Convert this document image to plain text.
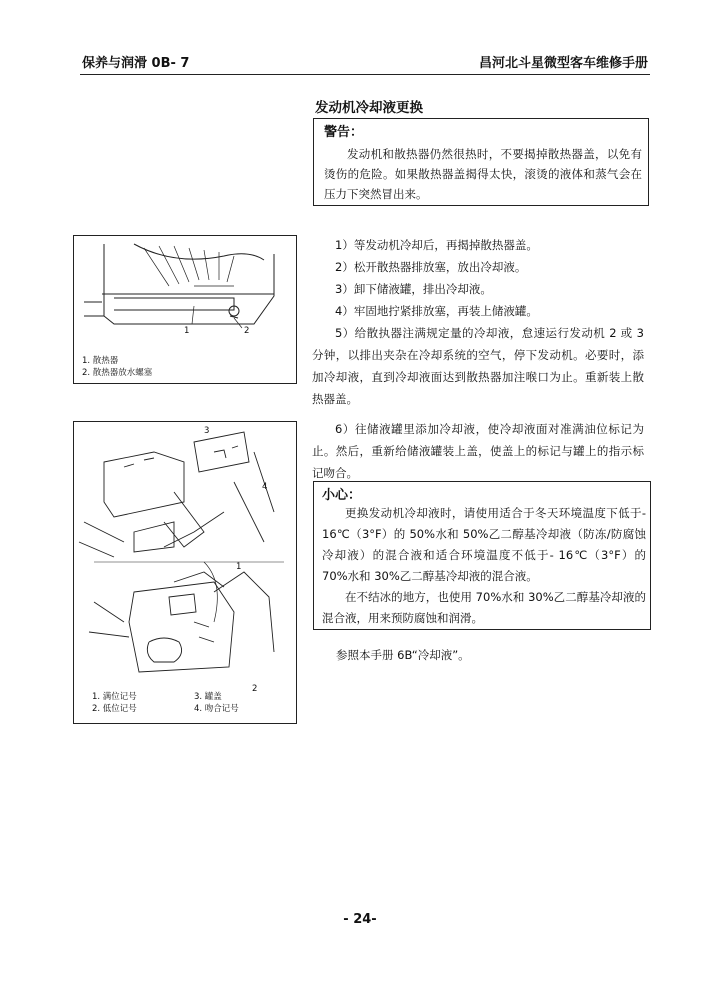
保养与润滑 0B- 7	昌河北斗星微型客车维修手册
发动机冷却液更换
警告：

发动机和散热器仍然很热时，不要揭掉散热器盖，以免有烫伤的危险。如果散热器盖揭得太快，滚烫的液体和蒸气会在压力下突然冒出来。

1	2
1. 散热器
2. 散热器放水螺塞

1）等发动机冷却后，再揭掉散热器盖。

2）松开散热器排放塞，放出冷却液。

3）卸下储液罐，排出冷却液。

4）牢固地拧紧排放塞，再装上储液罐。

5）给散执器注满规定量的冷却液，怠速运行发动机 2 或 3 分钟，以排出夹杂在冷却系统的空气，停下发动机。必要时，添加冷却液，直到冷却液面达到散热器加注喉口为止。重新装上散热器盖。

3
4
1
2
1. 满位记号
2. 低位记号
3. 罐盖
4. 吻合记号

6）往储液罐里添加冷却液，使冷却液面对准满油位标记为止。然后，重新给储液罐装上盖，使盖上的标记与罐上的指示标记吻合。

小心：

更换发动机冷却液时，请使用适合于冬天环境温度下低于- 16℃（3°F）的 50%水和 50%乙二醇基冷却液（防冻/防腐蚀冷却液）的混合液和适合环境温度不低于- 16℃（3°F）的 70%水和 30%乙二醇基冷却液的混合液。

在不结冰的地方，也使用 70%水和 30%乙二醇基冷却液的混合液，用来预防腐蚀和润滑。

参照本手册 6B“冷却液”。
- 24-
